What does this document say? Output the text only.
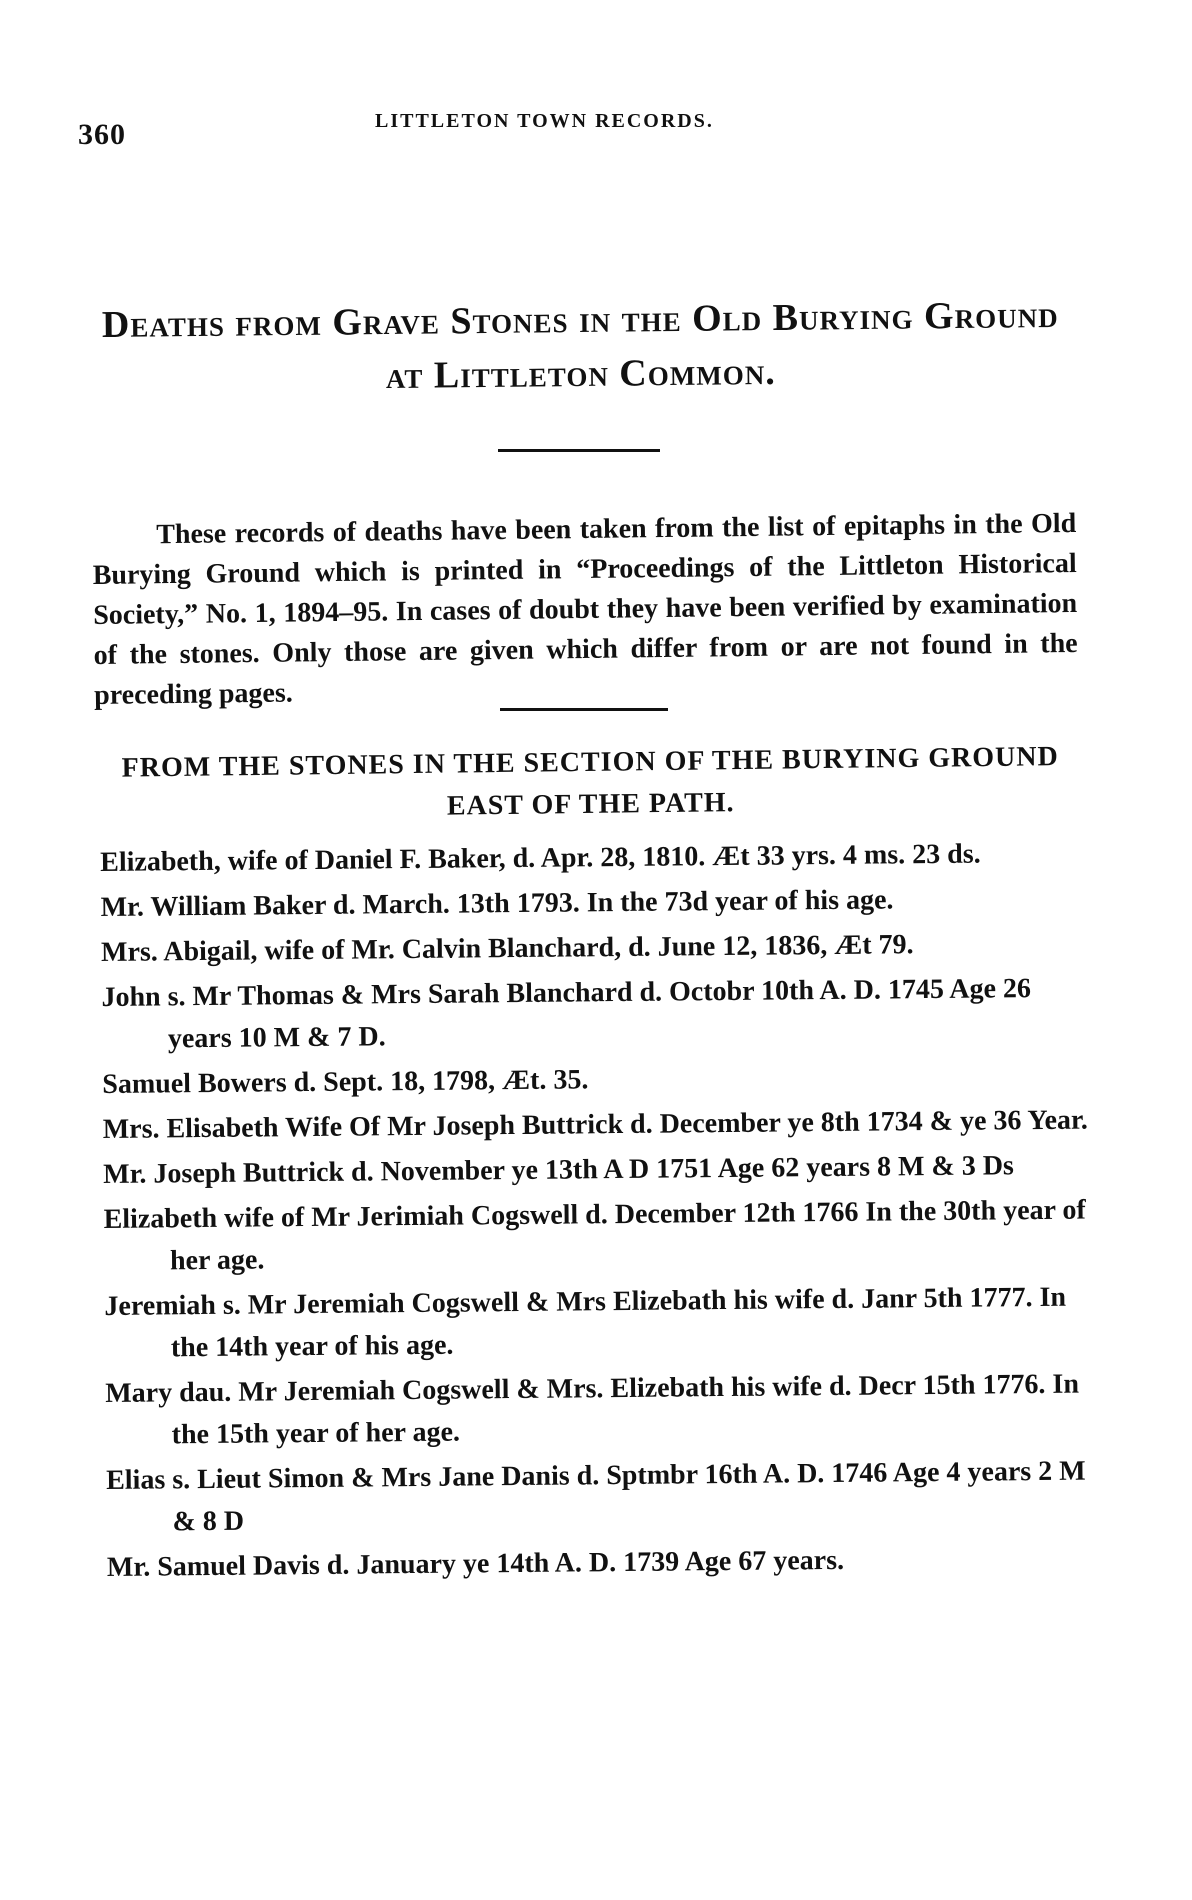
360	LITTLETON TOWN RECORDS.
Deaths from Grave Stones in the Old Burying Ground at Littleton Common.

These records of deaths have been taken from the list of epitaphs in the Old Burying Ground which is printed in “Proceedings of the Littleton Historical Society,” No. 1, 1894–95. In cases of doubt they have been verified by examination of the stones. Only those are given which differ from or are not found in the preceding pages.

FROM THE STONES IN THE SECTION OF THE BURYING GROUND EAST OF THE PATH.
Elizabeth, wife of Daniel F. Baker, d. Apr. 28, 1810. Æt 33 yrs. 4 ms. 23 ds.
Mr. William Baker d. March. 13th 1793. In the 73d year of his age.
Mrs. Abigail, wife of Mr. Calvin Blanchard, d. June 12, 1836, Æt 79.
John s. Mr Thomas & Mrs Sarah Blanchard d. Octobr 10th A. D. 1745 Age 26 years 10 M & 7 D.
Samuel Bowers d. Sept. 18, 1798, Æt. 35.
Mrs. Elisabeth Wife Of Mr Joseph Buttrick d. December ye 8th 1734 & ye 36 Year.
Mr. Joseph Buttrick d. November ye 13th A D 1751 Age 62 years 8 M & 3 Ds
Elizabeth wife of Mr Jerimiah Cogswell d. December 12th 1766 In the 30th year of her age.
Jeremiah s. Mr Jeremiah Cogswell & Mrs Elizebath his wife d. Janr 5th 1777. In the 14th year of his age.
Mary dau. Mr Jeremiah Cogswell & Mrs. Elizebath his wife d. Decr 15th 1776. In the 15th year of her age.
Elias s. Lieut Simon & Mrs Jane Danis d. Sptmbr 16th A. D. 1746 Age 4 years 2 M & 8 D
Mr. Samuel Davis d. January ye 14th A. D. 1739 Age 67 years.
